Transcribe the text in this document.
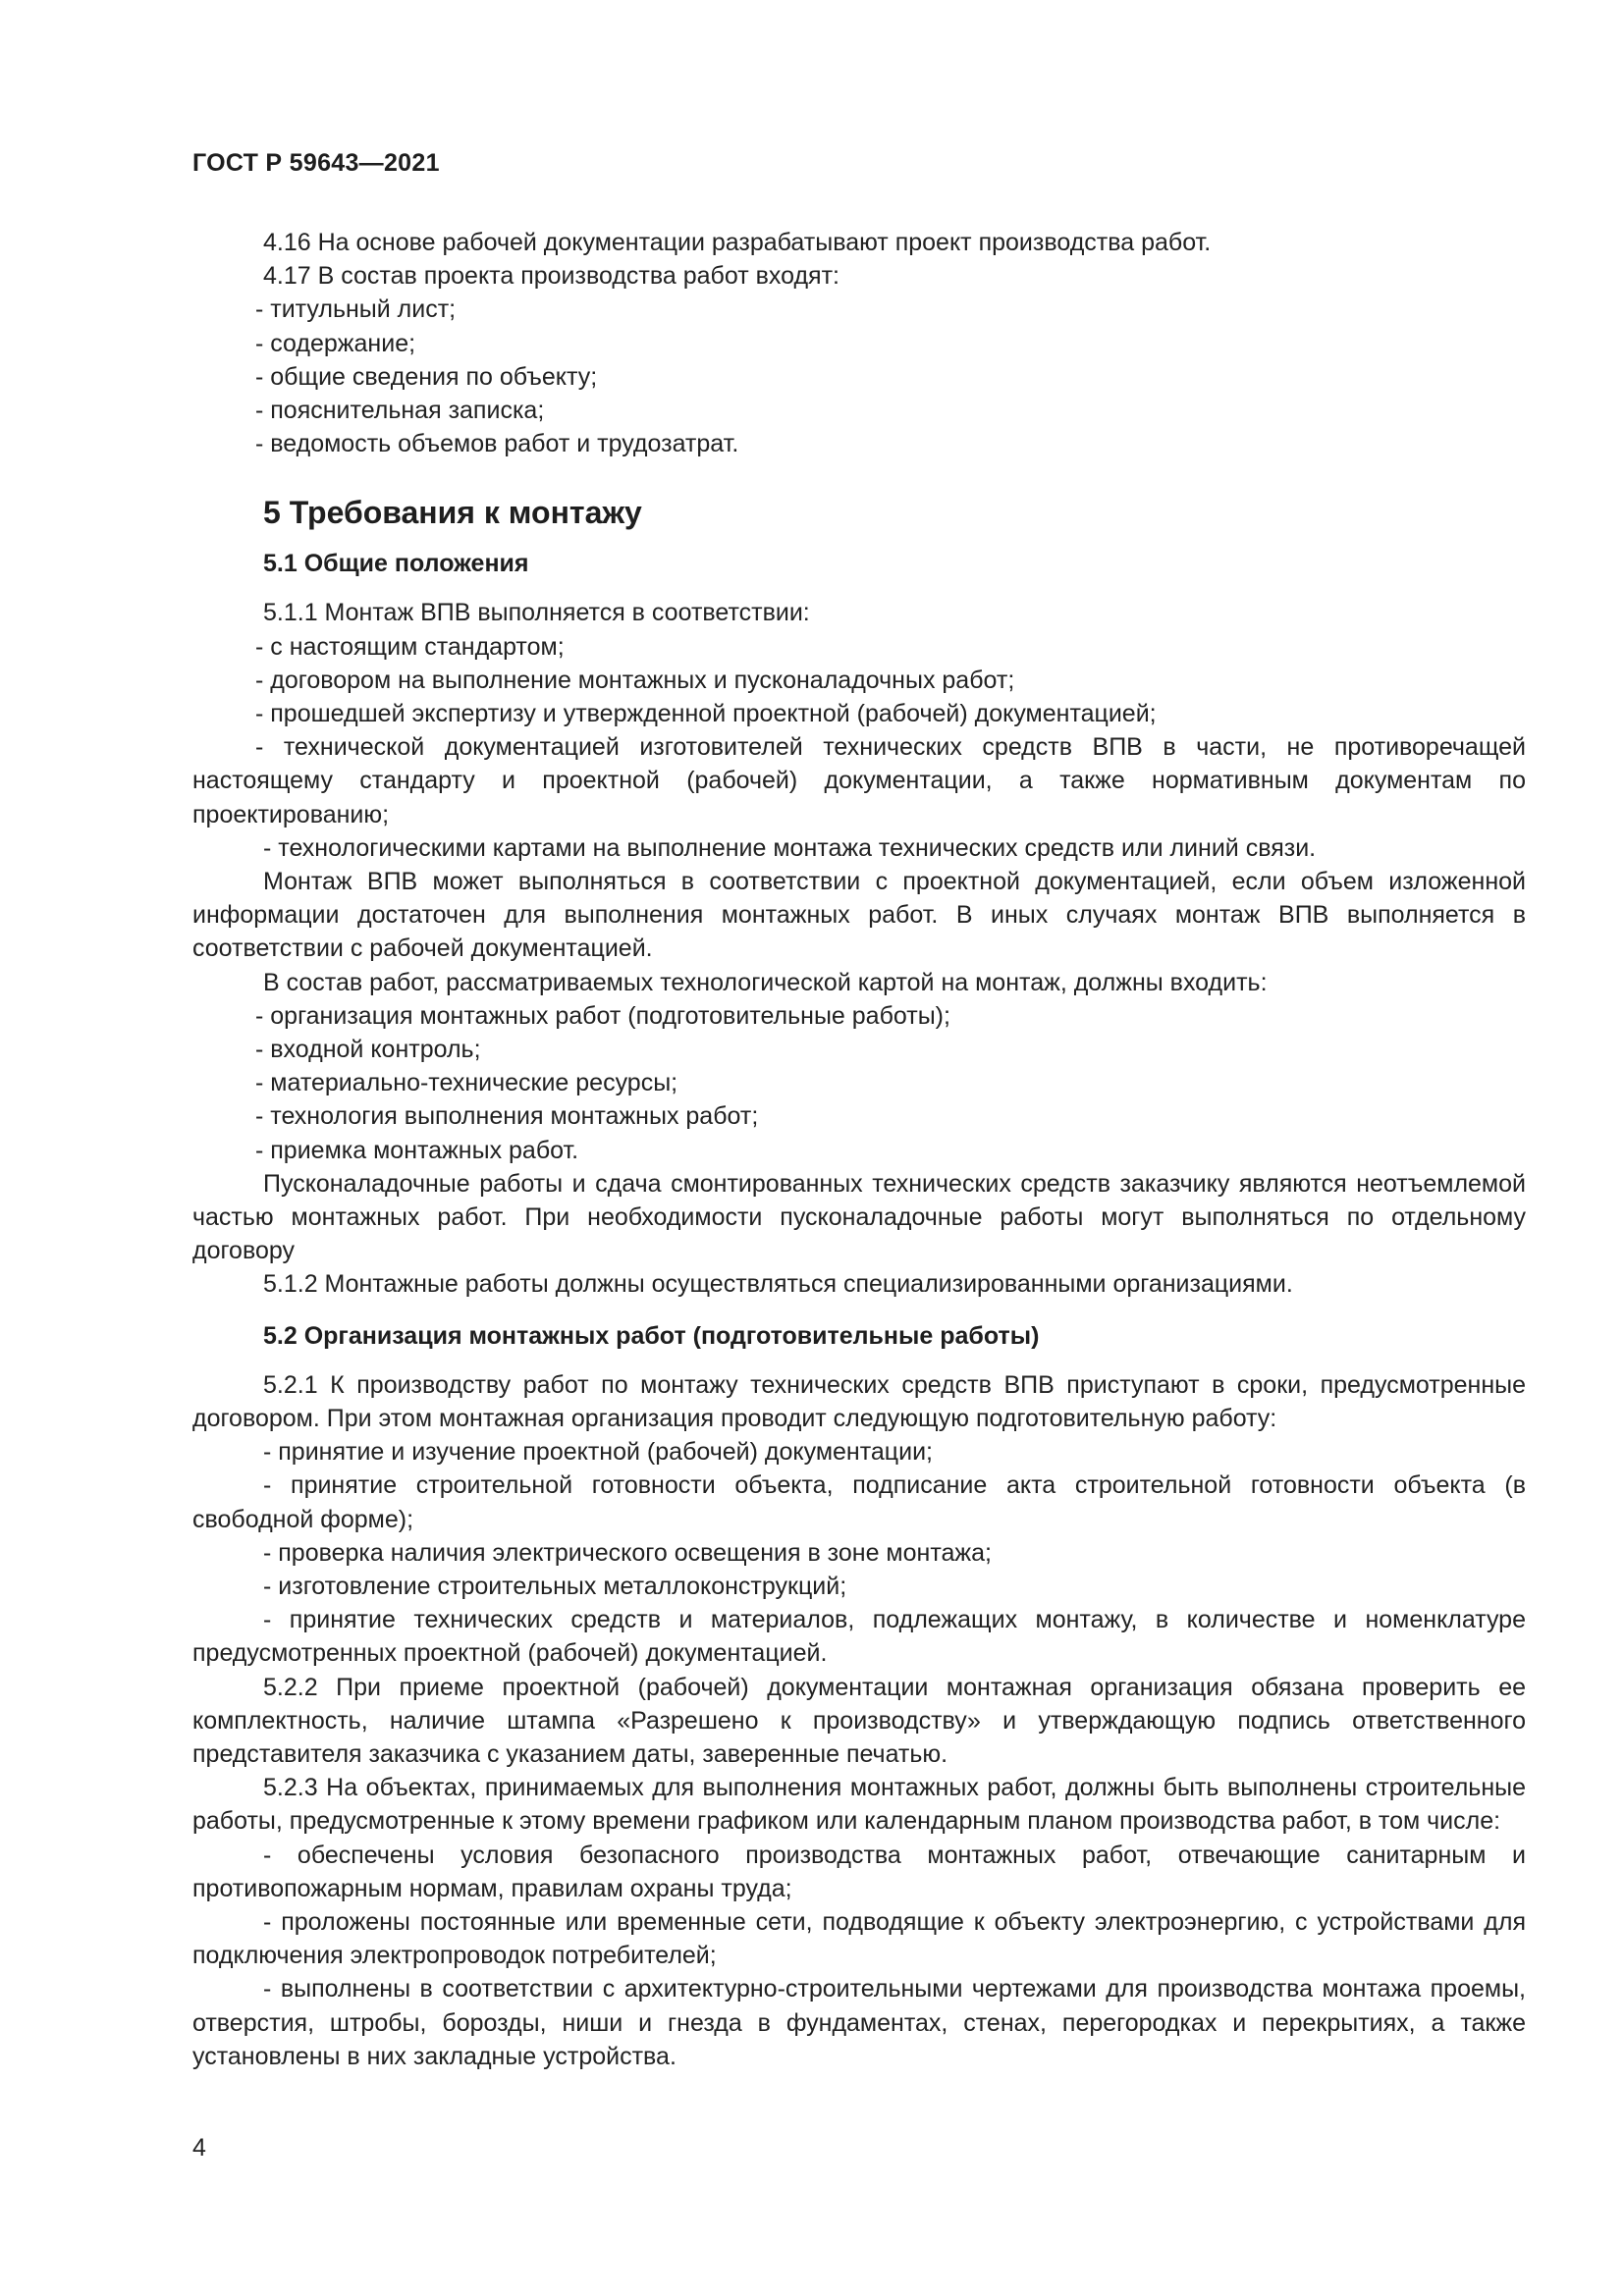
ГОСТ Р 59643—2021

4.16 На основе рабочей документации разрабатывают проект производства работ.

4.17 В состав проекта производства работ входят:

- титульный лист;

- содержание;

- общие сведения по объекту;

- пояснительная записка;

- ведомость объемов работ и трудозатрат.

5 Требования к монтажу
5.1 Общие положения

5.1.1 Монтаж ВПВ выполняется в соответствии:

- с настоящим стандартом;

- договором на выполнение монтажных и пусконаладочных работ;

- прошедшей экспертизу и утвержденной проектной (рабочей) документацией;

- технической документацией изготовителей технических средств ВПВ в части, не противоречащей настоящему стандарту и проектной (рабочей) документации, а также нормативным документам по проектированию;

- технологическими картами на выполнение монтажа технических средств или линий связи.

Монтаж ВПВ может выполняться в соответствии с проектной документацией, если объем изложенной информации достаточен для выполнения монтажных работ. В иных случаях монтаж ВПВ выполняется в соответствии с рабочей документацией.

В состав работ, рассматриваемых технологической картой на монтаж, должны входить:

- организация монтажных работ (подготовительные работы);

- входной контроль;

- материально-технические ресурсы;

- технология выполнения монтажных работ;

- приемка монтажных работ.

Пусконаладочные работы и сдача смонтированных технических средств заказчику являются неотъемлемой частью монтажных работ. При необходимости пусконаладочные работы могут выполняться по отдельному договору

5.1.2 Монтажные работы должны осуществляться специализированными организациями.

5.2 Организация монтажных работ (подготовительные работы)

5.2.1 К производству работ по монтажу технических средств ВПВ приступают в сроки, предусмотренные договором. При этом монтажная организация проводит следующую подготовительную работу:

- принятие и изучение проектной (рабочей) документации;

- принятие строительной готовности объекта, подписание акта строительной готовности объекта (в свободной форме);

- проверка наличия электрического освещения в зоне монтажа;

- изготовление строительных металлоконструкций;

- принятие технических средств и материалов, подлежащих монтажу, в количестве и номенклатуре предусмотренных проектной (рабочей) документацией.

5.2.2 При приеме проектной (рабочей) документации монтажная организация обязана проверить ее комплектность, наличие штампа «Разрешено к производству» и утверждающую подпись ответственного представителя заказчика с указанием даты, заверенные печатью.

5.2.3 На объектах, принимаемых для выполнения монтажных работ, должны быть выполнены строительные работы, предусмотренные к этому времени графиком или календарным планом производства работ, в том числе:

- обеспечены условия безопасного производства монтажных работ, отвечающие санитарным и противопожарным нормам, правилам охраны труда;

- проложены постоянные или временные сети, подводящие к объекту электроэнергию, с устройствами для подключения электропроводок потребителей;

- выполнены в соответствии с архитектурно-строительными чертежами для производства монтажа проемы, отверстия, штробы, борозды, ниши и гнезда в фундаментах, стенах, перегородках и перекрытиях, а также установлены в них закладные устройства.

4
